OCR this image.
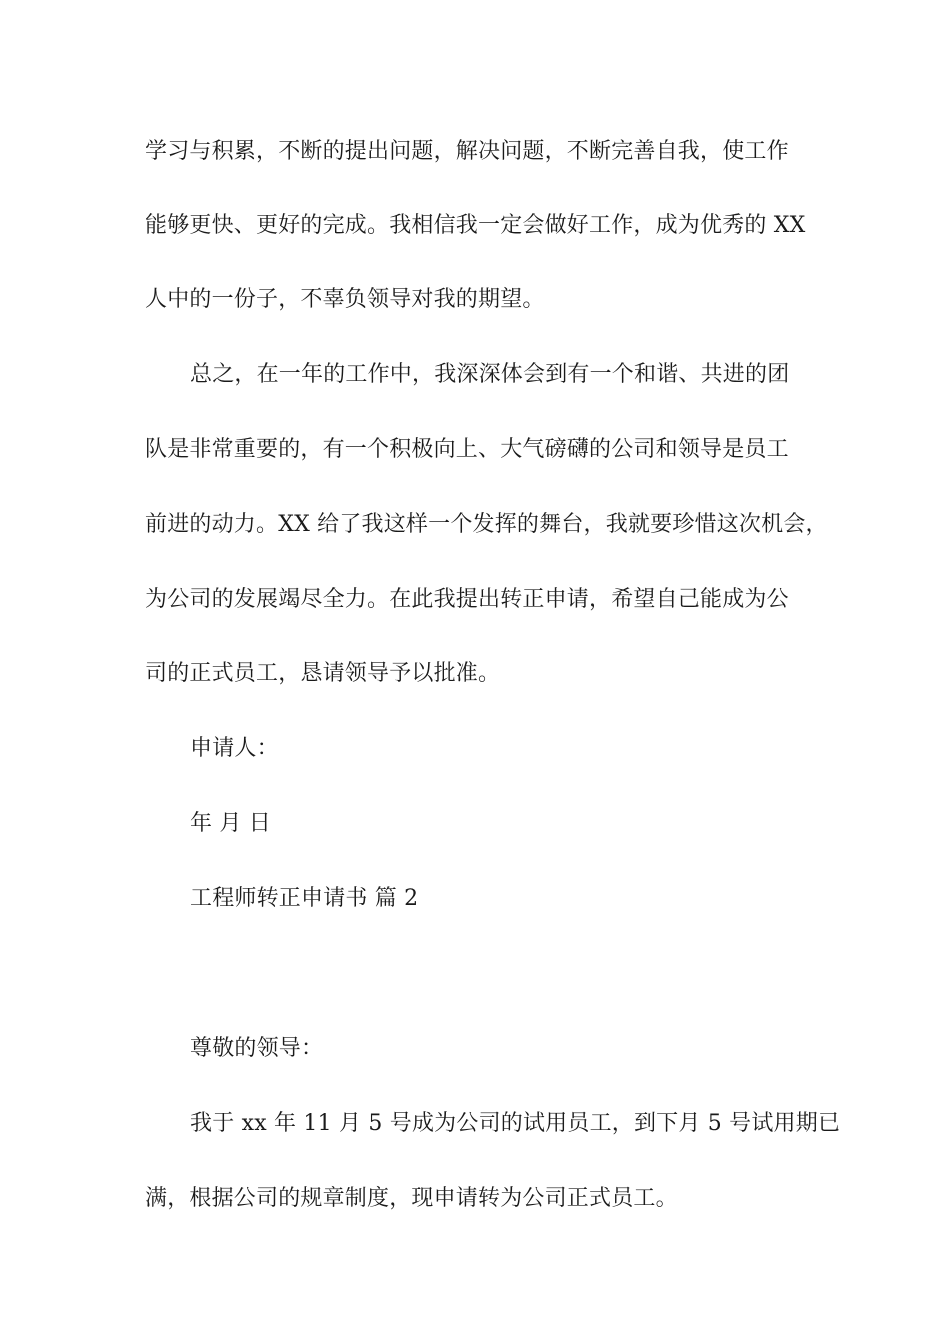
学习与积累，不断的提出问题，解决问题，不断完善自我，使工作
能够更快、更好的完成。我相信我一定会做好工作，成为优秀的 XX
人中的一份子，不辜负领导对我的期望。
总之，在一年的工作中，我深深体会到有一个和谐、共进的团
队是非常重要的，有一个积极向上、大气磅礴的公司和领导是员工
前进的动力。XX 给了我这样一个发挥的舞台，我就要珍惜这次机会，
为公司的发展竭尽全力。在此我提出转正申请，希望自己能成为公
司的正式员工，恳请领导予以批准。
申请人：
年 月 日
工程师转正申请书 篇 2
尊敬的领导：
我于 xx 年 11 月 5 号成为公司的试用员工，到下月 5 号试用期已
满，根据公司的规章制度，现申请转为公司正式员工。
